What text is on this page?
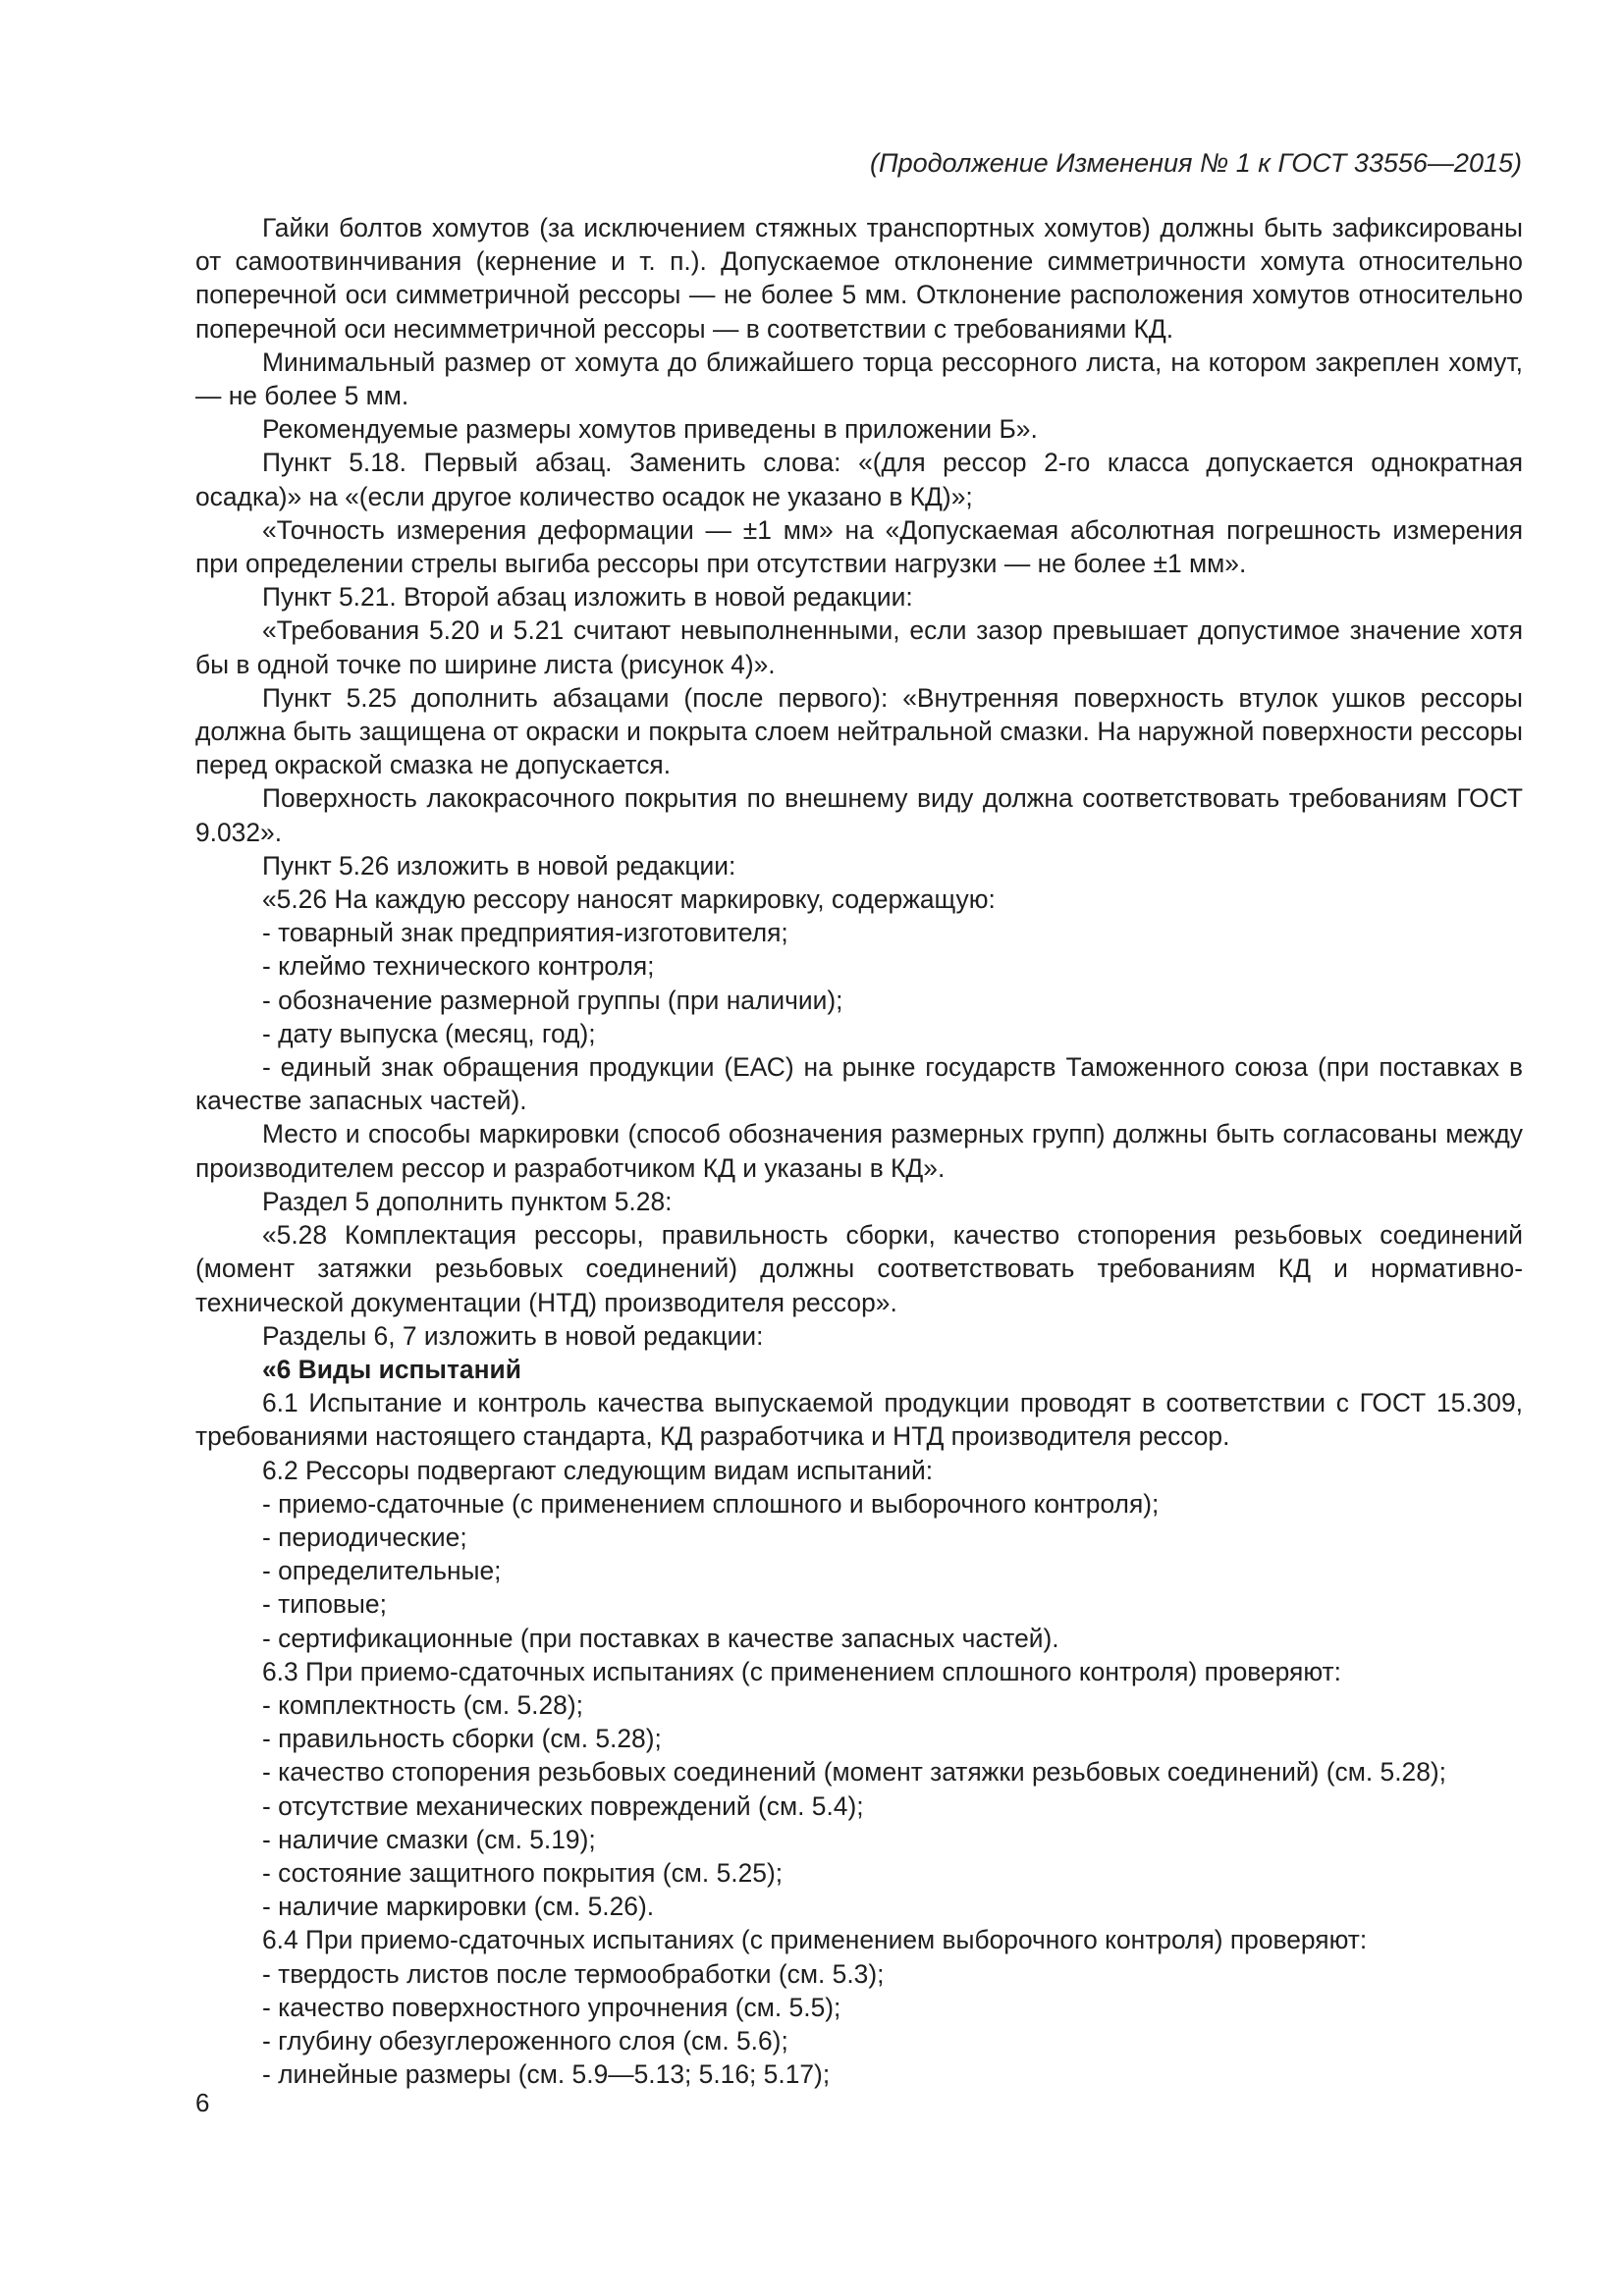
(Продолжение Изменения № 1 к ГОСТ 33556—2015)

Гайки болтов хомутов (за исключением стяжных транспортных хомутов) должны быть зафиксированы от самоотвинчивания (кернение и т. п.). Допускаемое отклонение симметричности хомута относительно поперечной оси симметричной рессоры — не более 5 мм. Отклонение расположения хомутов относительно поперечной оси несимметричной рессоры — в соответствии с требованиями КД.

Минимальный размер от хомута до ближайшего торца рессорного листа, на котором закреплен хомут, — не более 5 мм.

Рекомендуемые размеры хомутов приведены в приложении Б».

Пункт 5.18. Первый абзац. Заменить слова: «(для рессор 2-го класса допускается однократная осадка)» на «(если другое количество осадок не указано в КД)»;

«Точность измерения деформации — ±1 мм» на «Допускаемая абсолютная погрешность измерения при определении стрелы выгиба рессоры при отсутствии нагрузки — не более ±1 мм».

Пункт 5.21. Второй абзац изложить в новой редакции:

«Требования 5.20 и 5.21 считают невыполненными, если зазор превышает допустимое значение хотя бы в одной точке по ширине листа (рисунок 4)».

Пункт 5.25 дополнить абзацами (после первого): «Внутренняя поверхность втулок ушков рессоры должна быть защищена от окраски и покрыта слоем нейтральной смазки. На наружной поверхности рессоры перед окраской смазка не допускается.

Поверхность лакокрасочного покрытия по внешнему виду должна соответствовать требованиям ГОСТ 9.032».

Пункт 5.26 изложить в новой редакции:

«5.26 На каждую рессору наносят маркировку, содержащую:

- товарный знак предприятия-изготовителя;

- клеймо технического контроля;

- обозначение размерной группы (при наличии);

- дату выпуска (месяц, год);

- единый знак обращения продукции (ЕАС) на рынке государств Таможенного союза (при поставках в качестве запасных частей).

Место и способы маркировки (способ обозначения размерных групп) должны быть согласованы между производителем рессор и разработчиком КД и указаны в КД».

Раздел 5 дополнить пунктом 5.28:

«5.28 Комплектация рессоры, правильность сборки, качество стопорения резьбовых соединений (момент затяжки резьбовых соединений) должны соответствовать требованиям КД и нормативно-технической документации (НТД) производителя рессор».

Разделы 6, 7 изложить в новой редакции:

«6 Виды испытаний

6.1 Испытание и контроль качества выпускаемой продукции проводят в соответствии с ГОСТ 15.309, требованиями настоящего стандарта, КД разработчика и НТД производителя рессор.

6.2 Рессоры подвергают следующим видам испытаний:

- приемо-сдаточные (с применением сплошного и выборочного контроля);

- периодические;

- определительные;

- типовые;

- сертификационные (при поставках в качестве запасных частей).

6.3 При приемо-сдаточных испытаниях (с применением сплошного контроля) проверяют:

- комплектность (см. 5.28);

- правильность сборки (см. 5.28);

- качество стопорения резьбовых соединений (момент затяжки резьбовых соединений) (см. 5.28);

- отсутствие механических повреждений (см. 5.4);

- наличие смазки (см. 5.19);

- состояние защитного покрытия (см. 5.25);

- наличие маркировки (см. 5.26).

6.4 При приемо-сдаточных испытаниях (с применением выборочного контроля) проверяют:

- твердость листов после термообработки (см. 5.3);

- качество поверхностного упрочнения (см. 5.5);

- глубину обезуглероженного слоя (см. 5.6);

- линейные размеры (см. 5.9—5.13; 5.16; 5.17);

6
